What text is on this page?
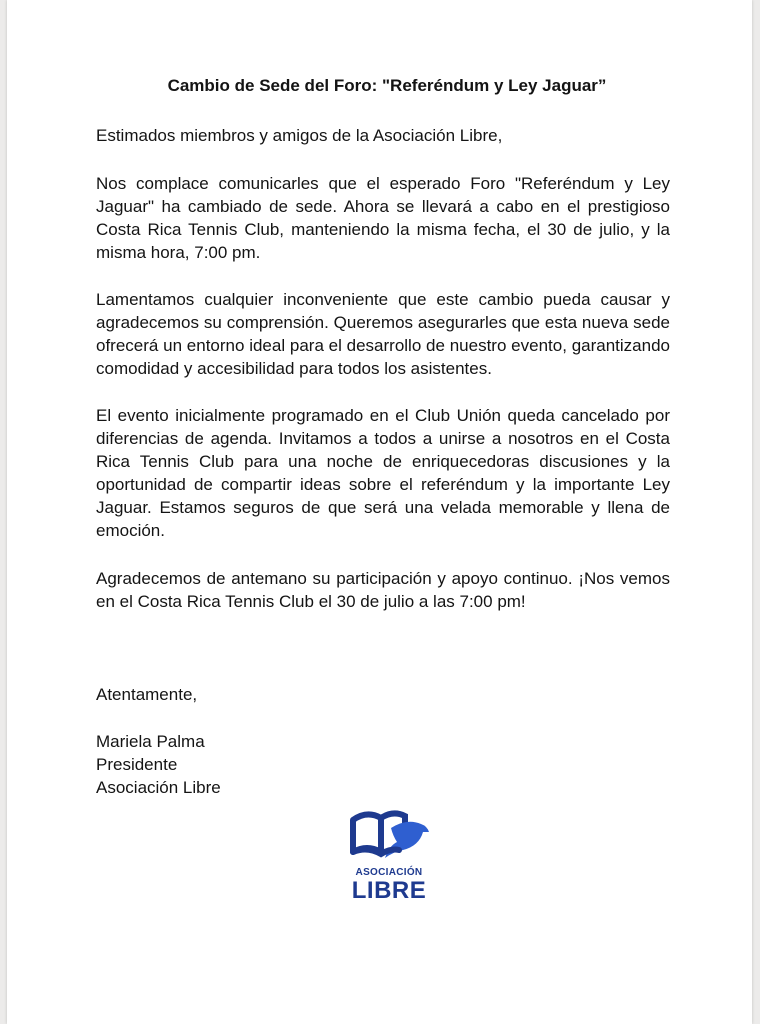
Cambio de Sede del Foro: "Referéndum y Ley Jaguar”

Estimados miembros y amigos de la Asociación Libre,

Nos complace comunicarles que el esperado Foro "Referéndum y Ley Jaguar" ha cambiado de sede. Ahora se llevará a cabo en el prestigioso Costa Rica Tennis Club, manteniendo la misma fecha, el 30 de julio, y la misma hora, 7:00 pm.

Lamentamos cualquier inconveniente que este cambio pueda causar y agradecemos su comprensión. Queremos asegurarles que esta nueva sede ofrecerá un entorno ideal para el desarrollo de nuestro evento, garantizando comodidad y accesibilidad para todos los asistentes.

El evento inicialmente programado en el Club Unión queda cancelado por diferencias de agenda. Invitamos a todos a unirse a nosotros en el Costa Rica Tennis Club para una noche de enriquecedoras discusiones y la oportunidad de compartir ideas sobre el referéndum y la importante Ley Jaguar. Estamos seguros de que será una velada memorable y llena de emoción.

Agradecemos de antemano su participación y apoyo continuo. ¡Nos vemos en el Costa Rica Tennis Club el 30 de julio a las 7:00 pm!

Atentamente,

Mariela Palma

Presidente

Asociación Libre

ASOCIACIÓN
LIBRE
